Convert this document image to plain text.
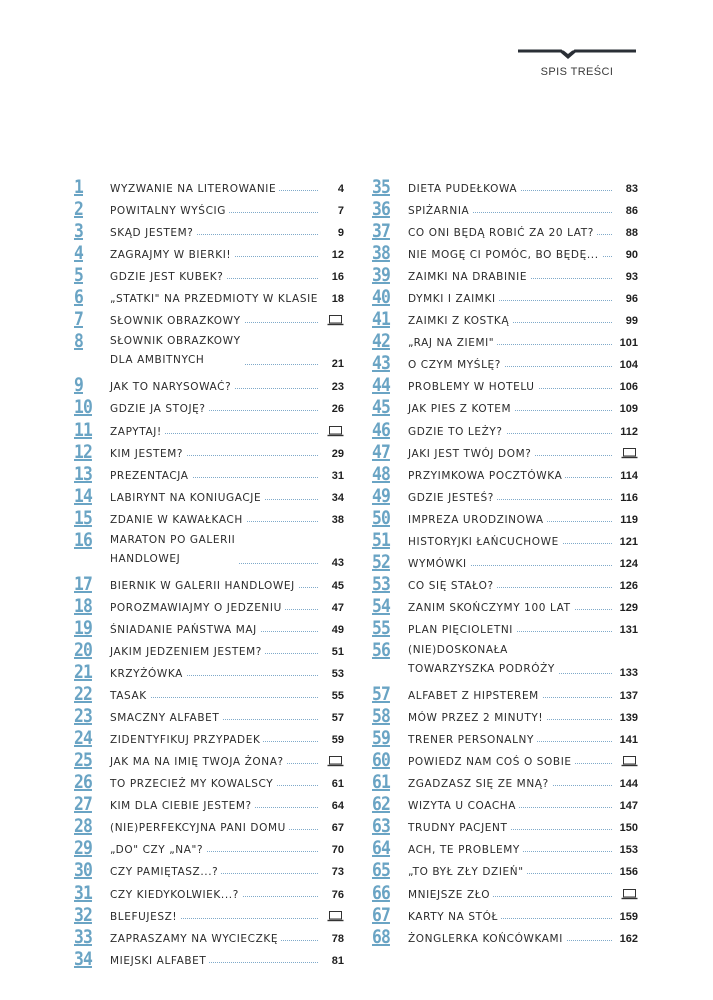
SPIS TREŚCI
1	WYZWANIE NA LITEROWANIE	4
2	POWITALNY WYŚCIG	7
3	SKĄD JESTEM?	9
4	ZAGRAJMY W BIERKI!	12
5	GDZIE JEST KUBEK?	16
6	„STATKI" NA PRZEDMIOTY W KLASIE 18
7	SŁOWNIK OBRAZKOWY
8	SŁOWNIK OBRAZKOWY
DLA AMBITNYCH	21
9	JAK TO NARYSOWAĆ?	23
10 GDZIE JA STOJĘ?	26
11 ZAPYTAJ!
12 KIM JESTEM?	29
13 PREZENTACJA	31
14 LABIRYNT NA KONIUGACJE	34
15 ZDANIE W KAWAŁKACH	38
16 MARATON PO GALERII
HANDLOWEJ	43
17 BIERNIK W GALERII HANDLOWEJ	45
18 POROZMAWIAJMY O JEDZENIU	47
19 ŚNIADANIE PAŃSTWA MAJ	49
20 JAKIM JEDZENIEM JESTEM?	51
21 KRZYŻÓWKA	53
22 TASAK	55
23 SMACZNY ALFABET	57
24 ZIDENTYFIKUJ PRZYPADEK	59
25 JAK MA NA IMIĘ TWOJA ŻONA?
26 TO PRZECIEŻ MY KOWALSCY	61
27 KIM DLA CIEBIE JESTEM?	64
28 (NIE)PERFEKCYJNA PANI DOMU	67
29 „DO" CZY „NA"?	70
30 CZY PAMIĘTASZ...?	73
31 CZY KIEDYKOLWIEK...?	76
32 BLEFUJESZ!
33 ZAPRASZAMY NA WYCIECZKĘ	78
34 MIEJSKI ALFABET	81
35 DIETA PUDEŁKOWA	83
36 SPIŻARNIA	86
37 CO ONI BĘDĄ ROBIĆ ZA 20 LAT?	88
38 NIE MOGĘ CI POMÓC, BO BĘDĘ... 90
39 ZAIMKI NA DRABINIE	93
40 DYMKI I ZAIMKI	96
41 ZAIMKI Z KOSTKĄ	99
42 „RAJ NA ZIEMI"	101
43 O CZYM MYŚLĘ?	104
44 PROBLEMY W HOTELU	106
45 JAK PIES Z KOTEM	109
46 GDZIE TO LEŻY?	112
47 JAKI JEST TWÓJ DOM?
48 PRZYIMKOWA POCZTÓWKA	114
49 GDZIE JESTEŚ?	116
50 IMPREZA URODZINOWA	119
51 HISTORYJKI ŁAŃCUCHOWE	121
52 WYMÓWKI	124
53 CO SIĘ STAŁO?	126
54 ZANIM SKOŃCZYMY 100 LAT	129
55 PLAN PIĘCIOLETNI	131
56 (NIE)DOSKONAŁA
TOWARZYSZKA PODRÓŻY	133
57 ALFABET Z HIPSTEREM	137
58 MÓW PRZEZ 2 MINUTY!	139
59 TRENER PERSONALNY	141
60 POWIEDZ NAM COŚ O SOBIE
61 ZGADZASZ SIĘ ZE MNĄ?	144
62 WIZYTA U COACHA	147
63 TRUDNY PACJENT	150
64 ACH, TE PROBLEMY	153
65 „TO BYŁ ZŁY DZIEŃ"	156
66 MNIEJSZE ZŁO
67 KARTY NA STÓŁ	159
68 ŻONGLERKA KOŃCÓWKAMI	162
